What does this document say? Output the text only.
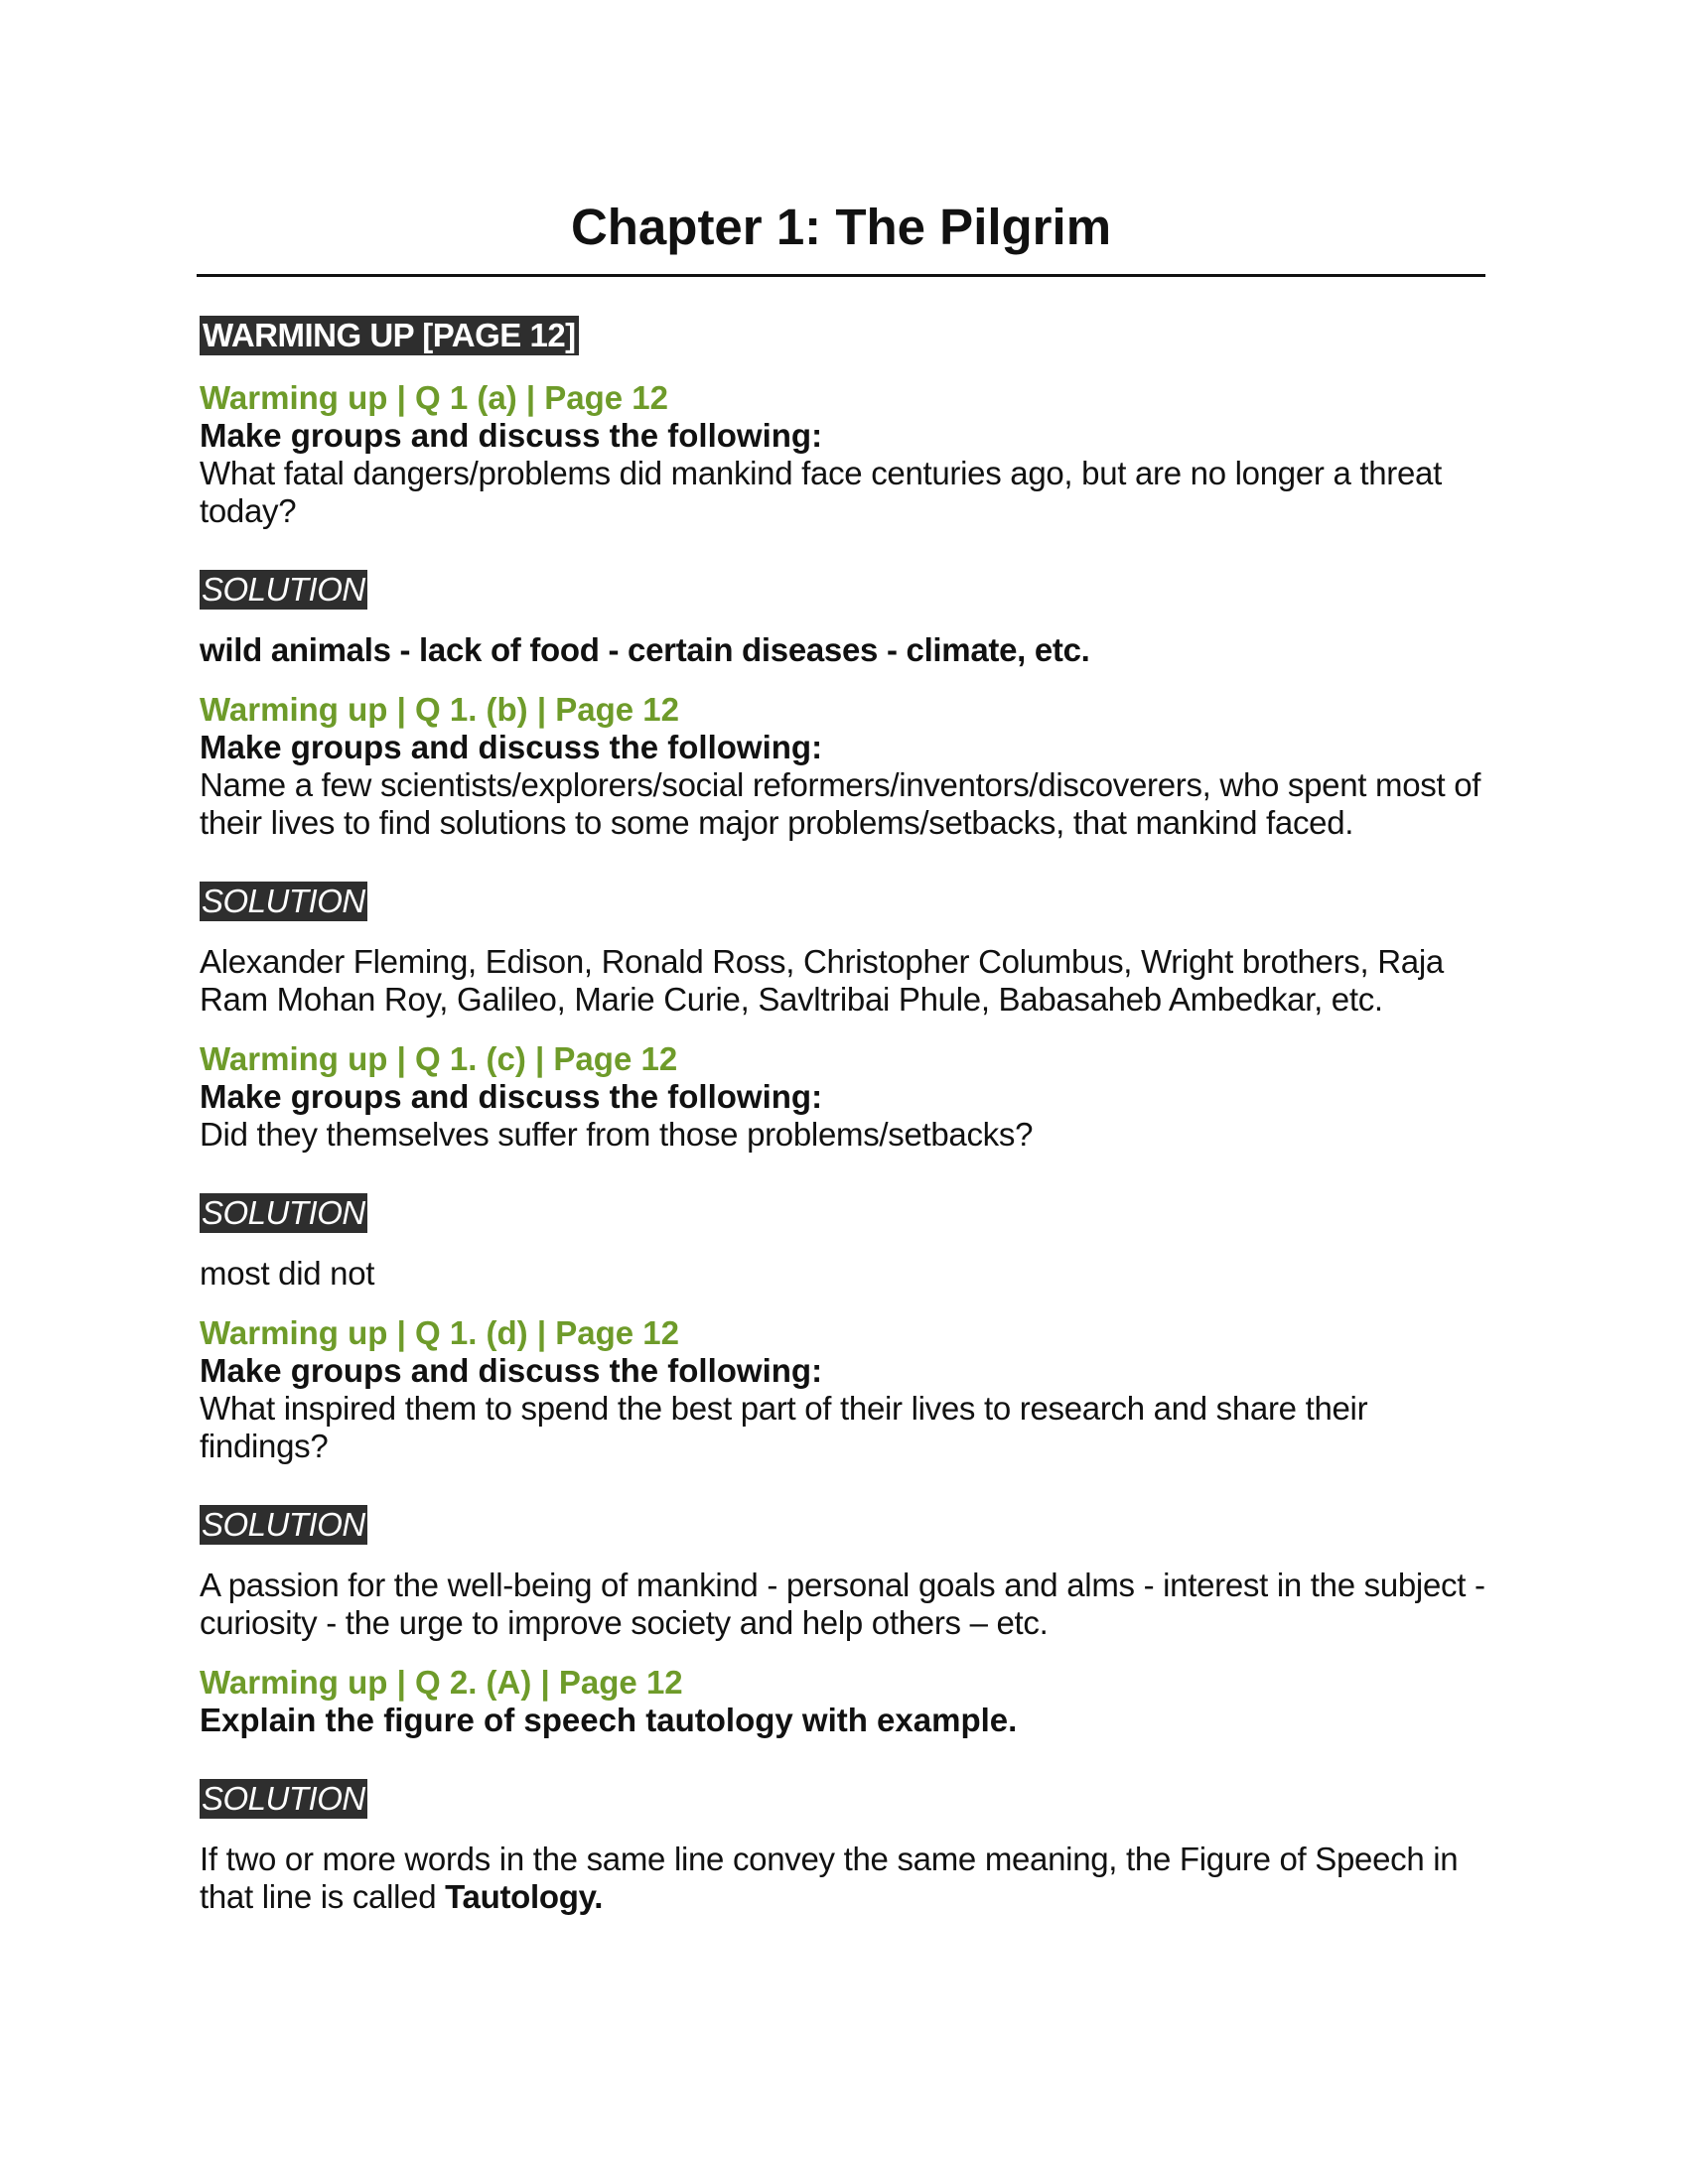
Chapter 1: The Pilgrim
WARMING UP [PAGE 12]

Warming up | Q 1 (a) | Page 12

Make groups and discuss the following:

What fatal dangers/problems did mankind face centuries ago, but are no longer a threat today?

SOLUTION

wild animals - lack of food - certain diseases - climate, etc.

Warming up | Q 1. (b) | Page 12

Make groups and discuss the following:

Name a few scientists/explorers/social reformers/inventors/discoverers, who spent most of their lives to find solutions to some major problems/setbacks, that mankind faced.

SOLUTION

Alexander Fleming, Edison, Ronald Ross, Christopher Columbus, Wright brothers, Raja Ram Mohan Roy, Galileo, Marie Curie, Savltribai Phule, Babasaheb Ambedkar, etc.

Warming up | Q 1. (c) | Page 12

Make groups and discuss the following:

Did they themselves suffer from those problems/setbacks?

SOLUTION

most did not

Warming up | Q 1. (d) | Page 12

Make groups and discuss the following:

What inspired them to spend the best part of their lives to research and share their findings?

SOLUTION

A passion for the well-being of mankind - personal goals and alms - interest in the subject - curiosity - the urge to improve society and help others – etc.

Warming up | Q 2. (A) | Page 12

Explain the figure of speech tautology with example.

SOLUTION

If two or more words in the same line convey the same meaning, the Figure of Speech in that line is called Tautology.
